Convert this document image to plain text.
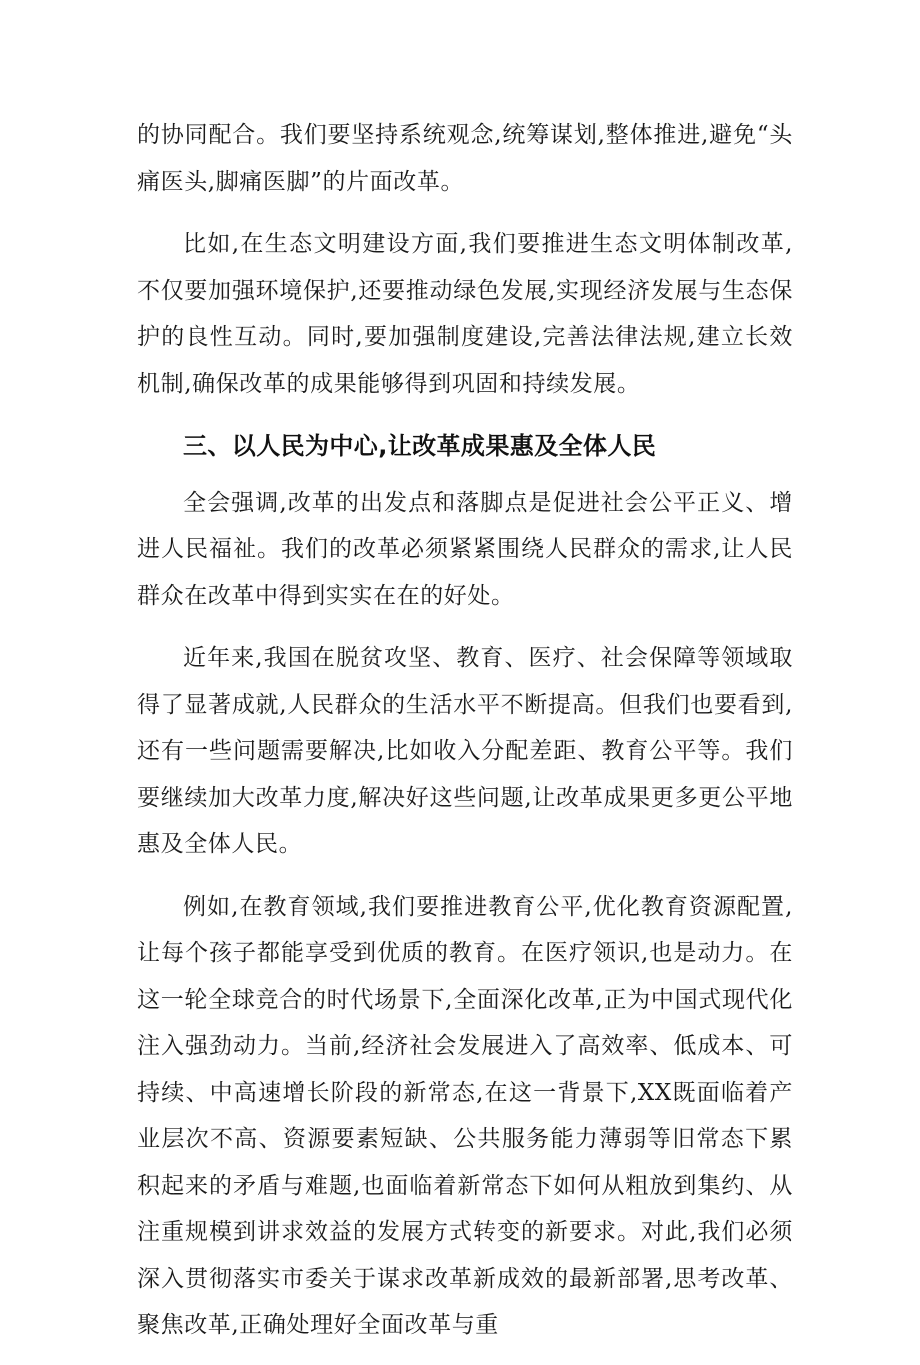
的协同配合。我们要坚持系统观念,统筹谋划,整体推进,避免“头痛医头,脚痛医脚”的片面改革。

比如,在生态文明建设方面,我们要推进生态文明体制改革,不仅要加强环境保护,还要推动绿色发展,实现经济发展与生态保护的良性互动。同时,要加强制度建设,完善法律法规,建立长效机制,确保改革的成果能够得到巩固和持续发展。

三、以人民为中心,让改革成果惠及全体人民

全会强调,改革的出发点和落脚点是促进社会公平正义、增进人民福祉。我们的改革必须紧紧围绕人民群众的需求,让人民群众在改革中得到实实在在的好处。

近年来,我国在脱贫攻坚、教育、医疗、社会保障等领域取得了显著成就,人民群众的生活水平不断提高。但我们也要看到,还有一些问题需要解决,比如收入分配差距、教育公平等。我们要继续加大改革力度,解决好这些问题,让改革成果更多更公平地惠及全体人民。

例如,在教育领域,我们要推进教育公平,优化教育资源配置,让每个孩子都能享受到优质的教育。在医疗领识,也是动力。在这一轮全球竞合的时代场景下,全面深化改革,正为中国式现代化注入强劲动力。当前,经济社会发展进入了高效率、低成本、可持续、中高速增长阶段的新常态,在这一背景下,XX既面临着产业层次不高、资源要素短缺、公共服务能力薄弱等旧常态下累积起来的矛盾与难题,也面临着新常态下如何从粗放到集约、从注重规模到讲求效益的发展方式转变的新要求。对此,我们必须深入贯彻落实市委关于谋求改革新成效的最新部署,思考改革、聚焦改革,正确处理好全面改革与重
